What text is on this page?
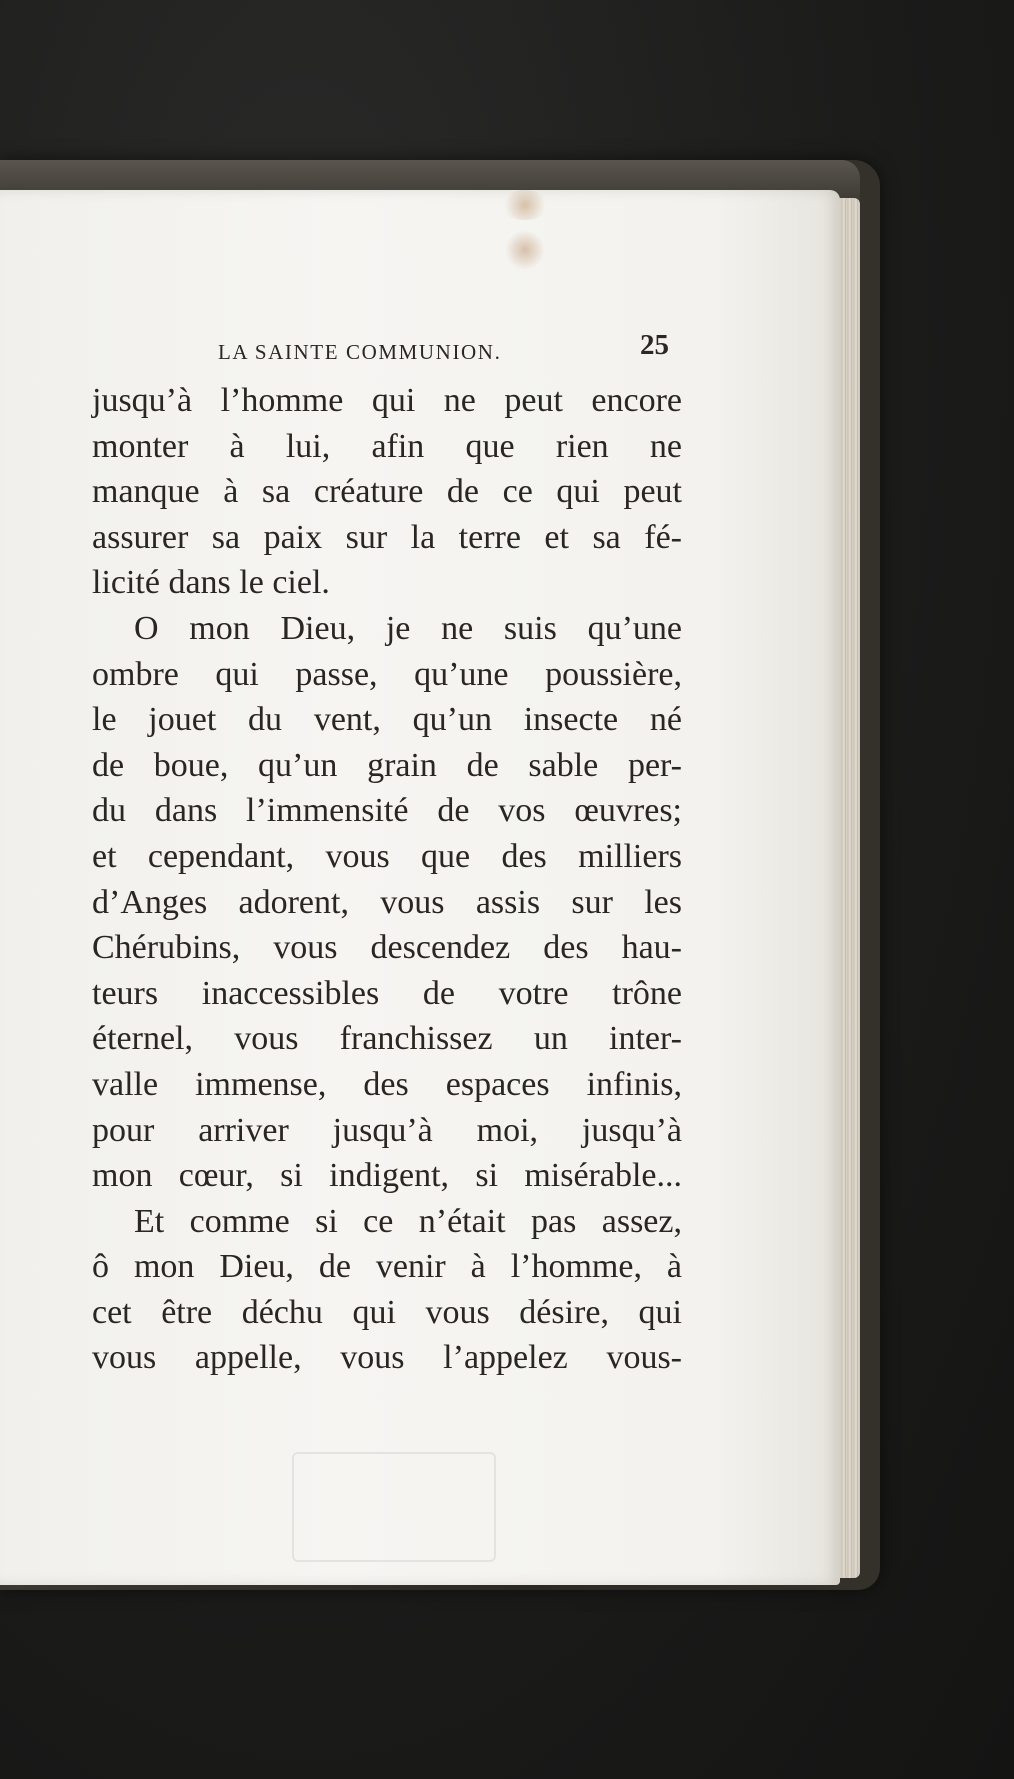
LA SAINTE COMMUNION.	25
jusqu’à l’homme qui ne peut encore
monter à lui, afin que rien ne
manque à sa créature de ce qui peut
assurer sa paix sur la terre et sa fé-
licité dans le ciel.
O mon Dieu, je ne suis qu’une
ombre qui passe, qu’une poussière,
le jouet du vent, qu’un insecte né
de boue, qu’un grain de sable per-
du dans l’immensité de vos œuvres;
et cependant, vous que des milliers
d’Anges adorent, vous assis sur les
Chérubins, vous descendez des hau-
teurs inaccessibles de votre trône
éternel, vous franchissez un inter-
valle immense, des espaces infinis,
pour arriver jusqu’à moi, jusqu’à
mon cœur, si indigent, si misérable...
Et comme si ce n’était pas assez,
ô mon Dieu, de venir à l’homme, à
cet être déchu qui vous désire, qui
vous appelle, vous l’appelez vous-
